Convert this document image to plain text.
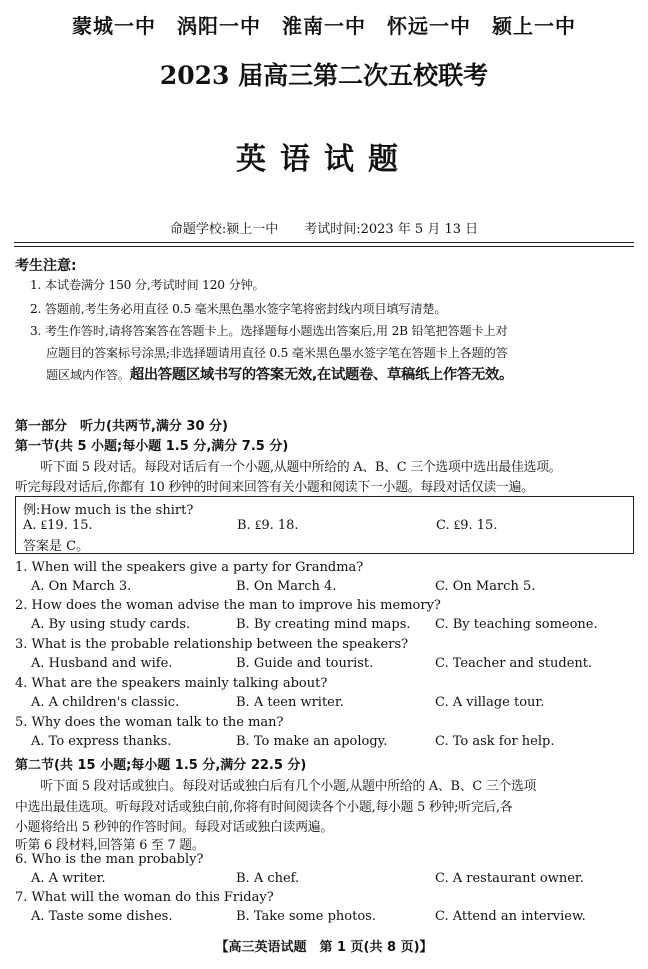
蒙城一中　涡阳一中　淮南一中　怀远一中　颍上一中
2023 届高三第二次五校联考
英语试题
命题学校:颍上一中　　考试时间:2023 年 5 月 13 日
考生注意:
1. 本试卷满分 150 分,考试时间 120 分钟。
2. 答题前,考生务必用直径 0.5 毫米黑色墨水签字笔将密封线内项目填写清楚。
3. 考生作答时,请将答案答在答题卡上。选择题每小题选出答案后,用 2B 铅笔把答题卡上对
应题目的答案标号涂黑;非选择题请用直径 0.5 毫米黑色墨水签字笔在答题卡上各题的答
题区域内作答。超出答题区域书写的答案无效,在试题卷、草稿纸上作答无效。
第一部分　听力(共两节,满分 30 分)
第一节(共 5 小题;每小题 1.5 分,满分 7.5 分)
　　听下面 5 段对话。每段对话后有一个小题,从题中所给的 A、B、C 三个选项中选出最佳选项。
听完每段对话后,你都有 10 秒钟的时间来回答有关小题和阅读下一小题。每段对话仅读一遍。
例:How much is the shirt?
A. ₤19. 15.	B. ₤9. 18.	C. ₤9. 15.
答案是 C。
1. When will the speakers give a party for Grandma?
A. On March 3.	B. On March 4.	C. On March 5.
2. How does the woman advise the man to improve his memory?
A. By using study cards.	B. By creating mind maps. C. By teaching someone.
3. What is the probable relationship between the speakers?
A. Husband and wife.	B. Guide and tourist.	C. Teacher and student.
4. What are the speakers mainly talking about?
A. A children's classic.	B. A teen writer.	C. A village tour.
5. Why does the woman talk to the man?
A. To express thanks.	B. To make an apology.	C. To ask for help.
第二节(共 15 小题;每小题 1.5 分,满分 22.5 分)
　　听下面 5 段对话或独白。每段对话或独白后有几个小题,从题中所给的 A、B、C 三个选项
中选出最佳选项。听每段对话或独白前,你将有时间阅读各个小题,每小题 5 秒钟;听完后,各
小题将给出 5 秒钟的作答时间。每段对话或独白读两遍。
听第 6 段材料,回答第 6 至 7 题。
6. Who is the man probably?
A. A writer.	B. A chef.	C. A restaurant owner.
7. What will the woman do this Friday?
A. Taste some dishes.	B. Take some photos.	C. Attend an interview.
【高三英语试题　第 1 页(共 8 页)】
